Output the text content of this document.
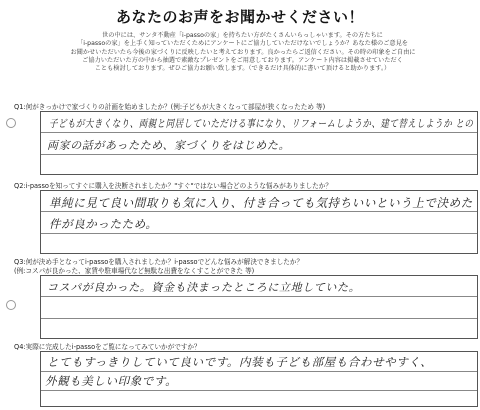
あなたのお声をお聞かせください！
世の中には、サンタ不動産「i-passoの家」を持ちたい方がたくさんいらっしゃいます。その方たちに
「i-passoの家」を上手く知っていただくためにアンケートにご協力していただけないでしょうか？あなた様のご意見を
お聞かせいただいたら今後の家づくりに反映したいと考えております。良かったらご返信ください。その時の印象をご自由に
ご協力いただいた方の中から抽選で素敵なプレゼントをご用意しております。アンケート内容は掲載させていただく
ことも検討しております。ぜひご協力お願い致します。（できるだけ具体的に書いて頂けると助かります。）
Q1:何がきっかけで家づくりの計画を始めましたか？(例:子どもが大きくなって部屋が狭くなったため 等)
子どもが大きくなり、両親と同居していただける事になり、リフォームしようか、建て替えしようか との
両家の話があったため、家づくりをはじめた。
Q2:i-passoを知ってすぐに購入を決断されましたか？"すぐ"ではない場合どのような悩みがありましたか？
単純に見て良い間取りも気に入り、付き合っても気持ちいいという上で決めた
件が良かったため。
Q3:何が決め手となってi-passoを購入されましたか？i-passoでどんな悩みが解決できましたか？
(例:コスパが良かった、家賃や駐車場代など無駄な出費をなくすことができた 等)
コスパが良かった。資金も決まったところに立地していた。
Q4:実際に完成したi-passoをご覧になってみていかがですか？
とてもすっきりしていて良いです。内装も子ども部屋も合わせやすく、
外観も美しい印象です。
